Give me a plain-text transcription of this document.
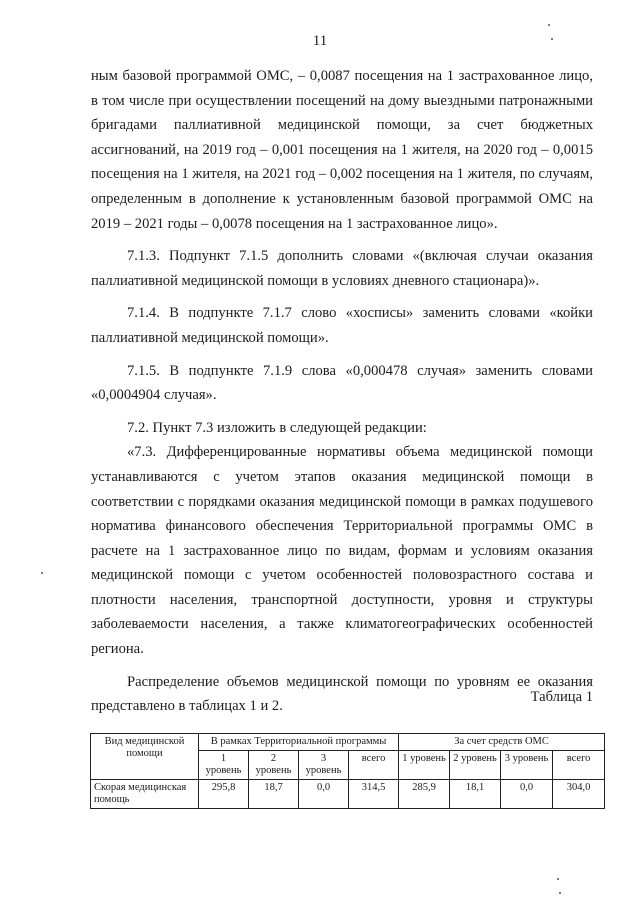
11

ным базовой программой ОМС, – 0,0087 посещения на 1 застрахованное лицо, в том числе при осуществлении посещений на дому выездными патронажными бригадами паллиативной медицинской помощи, за счет бюджетных ассигнований, на 2019 год – 0,001 посещения на 1 жителя, на 2020 год – 0,0015 посещения на 1 жителя, на 2021 год – 0,002 посещения на 1 жителя, по случаям, определенным в дополнение к установленным базовой программой ОМС на 2019 – 2021 годы – 0,0078 посещения на 1 застрахованное лицо».

7.1.3. Подпункт 7.1.5 дополнить словами «(включая случаи оказания паллиативной медицинской помощи в условиях дневного стационара)».

7.1.4. В подпункте 7.1.7 слово «хосписы» заменить словами «койки паллиативной медицинской помощи».

7.1.5. В подпункте 7.1.9 слова «0,000478 случая» заменить словами «0,0004904 случая».

7.2. Пункт 7.3 изложить в следующей редакции:

«7.3. Дифференцированные нормативы объема медицинской помощи устанавливаются с учетом этапов оказания медицинской помощи в соответствии с порядками оказания медицинской помощи в рамках подушевого норматива финансового обеспечения Территориальной программы ОМС в расчете на 1 застрахованное лицо по видам, формам и условиям оказания медицинской помощи с учетом особенностей половозрастного состава и плотности населения, транспортной доступности, уровня и структуры заболеваемости населения, а также климатогеографических особенностей региона.

Распределение объемов медицинской помощи по уровням ее оказания представлено в таблицах 1 и 2.

Таблица 1
Вид медицинской помощи	В рамках Территориальной программы				За счет средств ОМС			
	1 уровень	2 уровень	3 уровень	всего	1 уровень	2 уровень	3 уровень	всего
Скорая медицинская помощь	295,8	18,7	0,0	314,5	285,9	18,1	0,0	304,0
